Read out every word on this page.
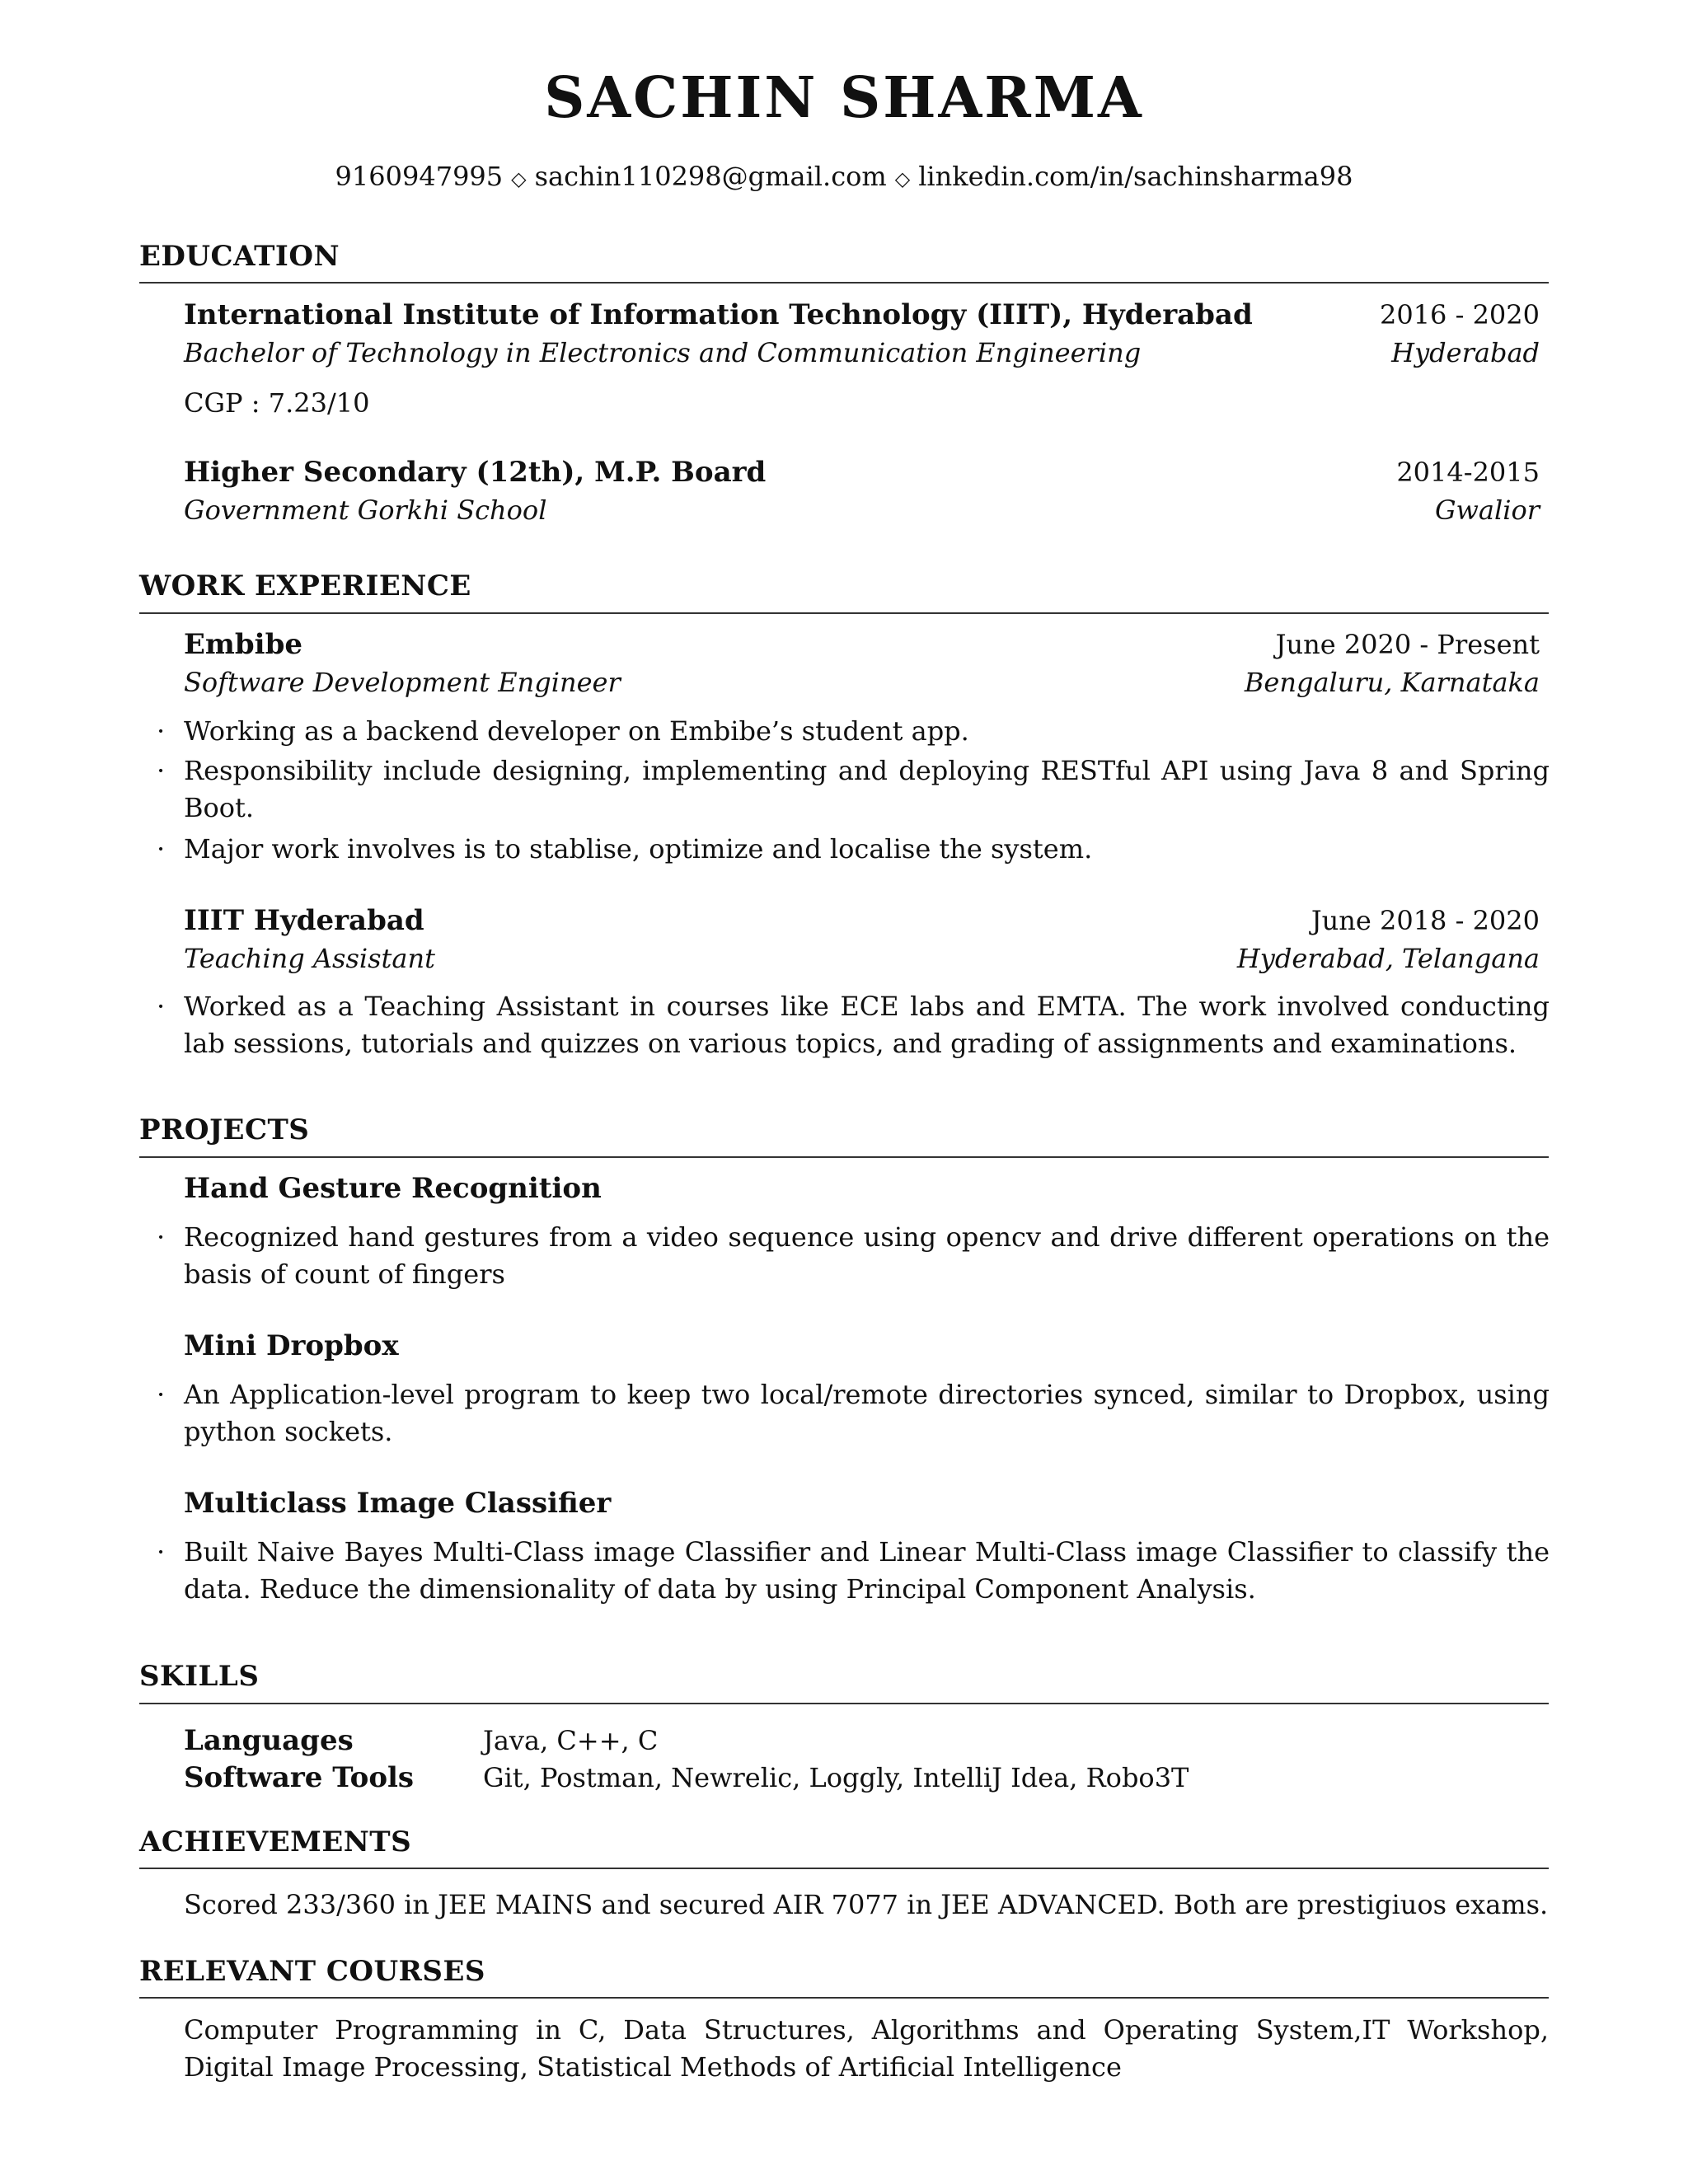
SACHIN SHARMA
9160947995 ◇ sachin110298@gmail.com ◇ linkedin.com/in/sachinsharma98
EDUCATION
International Institute of Information Technology (IIIT), Hyderabad	2016 - 2020
Bachelor of Technology in Electronics and Communication Engineering	Hyderabad
CGP : 7.23/10
Higher Secondary (12th), M.P. Board	2014-2015
Government Gorkhi School	Gwalior
WORK EXPERIENCE
Embibe	June 2020 - Present
Software Development Engineer	Bengaluru, Karnataka
· Working as a backend developer on Embibe’s student app.
· Responsibility include designing, implementing and deploying RESTful API using Java 8 and Spring Boot.
· Major work involves is to stablise, optimize and localise the system.
IIIT Hyderabad	June 2018 - 2020
Teaching Assistant	Hyderabad, Telangana
· Worked as a Teaching Assistant in courses like ECE labs and EMTA. The work involved conducting lab sessions, tutorials and quizzes on various topics, and grading of assignments and examinations.
PROJECTS
Hand Gesture Recognition
· Recognized hand gestures from a video sequence using opencv and drive different operations on the basis of count of fingers
Mini Dropbox
· An Application-level program to keep two local/remote directories synced, similar to Dropbox, using python sockets.
Multiclass Image Classifier
· Built Naive Bayes Multi-Class image Classifier and Linear Multi-Class image Classifier to classify the data. Reduce the dimensionality of data by using Principal Component Analysis.
SKILLS
Languages	Java, C++, C
Software Tools	Git, Postman, Newrelic, Loggly, IntelliJ Idea, Robo3T
ACHIEVEMENTS
Scored 233/360 in JEE MAINS and secured AIR 7077 in JEE ADVANCED. Both are prestigiuos exams.
RELEVANT COURSES
Computer Programming in C, Data Structures, Algorithms and Operating System,IT Workshop, Digital Image Processing, Statistical Methods of Artificial Intelligence
